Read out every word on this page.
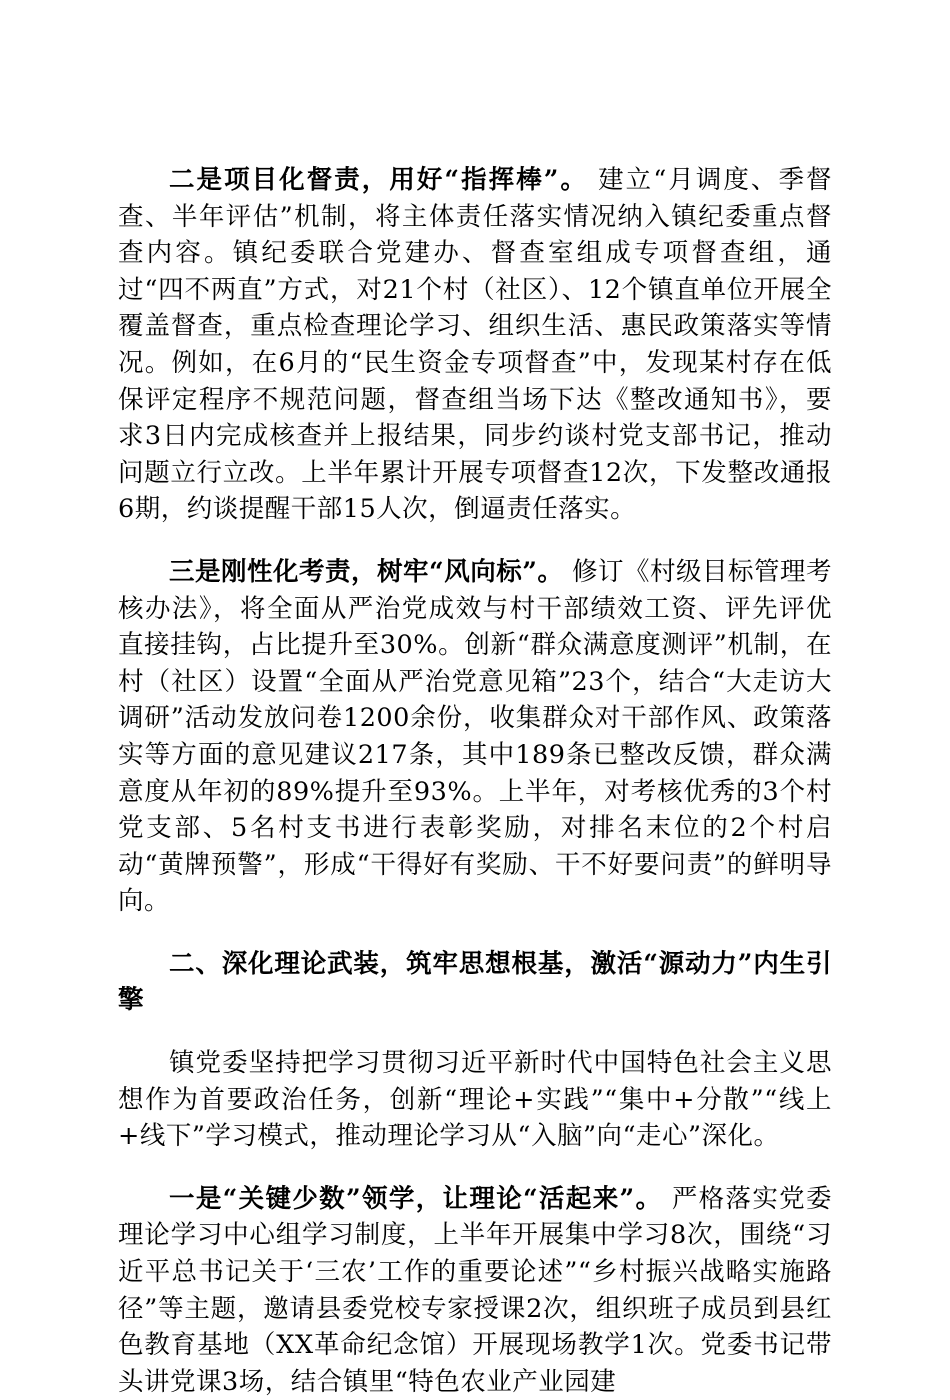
二是项目化督责，用好“指挥棒”。 建立“月调度、季督查、半年评估”机制，将主体责任落实情况纳入镇纪委重点督查内容。镇纪委联合党建办、督查室组成专项督查组，通过“四不两直”方式，对21个村（社区）、12个镇直单位开展全覆盖督查，重点检查理论学习、组织生活、惠民政策落实等情况。例如，在6月的“民生资金专项督查”中，发现某村存在低保评定程序不规范问题，督查组当场下达《整改通知书》，要求3日内完成核查并上报结果，同步约谈村党支部书记，推动问题立行立改。上半年累计开展专项督查12次，下发整改通报6期，约谈提醒干部15人次，倒逼责任落实。

三是刚性化考责，树牢“风向标”。 修订《村级目标管理考核办法》，将全面从严治党成效与村干部绩效工资、评先评优直接挂钩，占比提升至30%。创新“群众满意度测评”机制，在村（社区）设置“全面从严治党意见箱”23个，结合“大走访大调研”活动发放问卷1200余份，收集群众对干部作风、政策落实等方面的意见建议217条，其中189条已整改反馈，群众满意度从年初的89%提升至93%。上半年，对考核优秀的3个村党支部、5名村支书进行表彰奖励，对排名末位的2个村启动“黄牌预警”，形成“干得好有奖励、干不好要问责”的鲜明导向。

二、深化理论武装，筑牢思想根基，激活“源动力”内生引擎

镇党委坚持把学习贯彻习近平新时代中国特色社会主义思想作为首要政治任务，创新“理论+实践”“集中+分散”“线上+线下”学习模式，推动理论学习从“入脑”向“走心”深化。

一是“关键少数”领学，让理论“活起来”。 严格落实党委理论学习中心组学习制度，上半年开展集中学习8次，围绕“习近平总书记关于‘三农’工作的重要论述”“乡村振兴战略实施路径”等主题，邀请县委党校专家授课2次，组织班子成员到县红色教育基地（XX革命纪念馆）开展现场教学1次。党委书记带头讲党课3场，结合镇里“特色农业产业园建
